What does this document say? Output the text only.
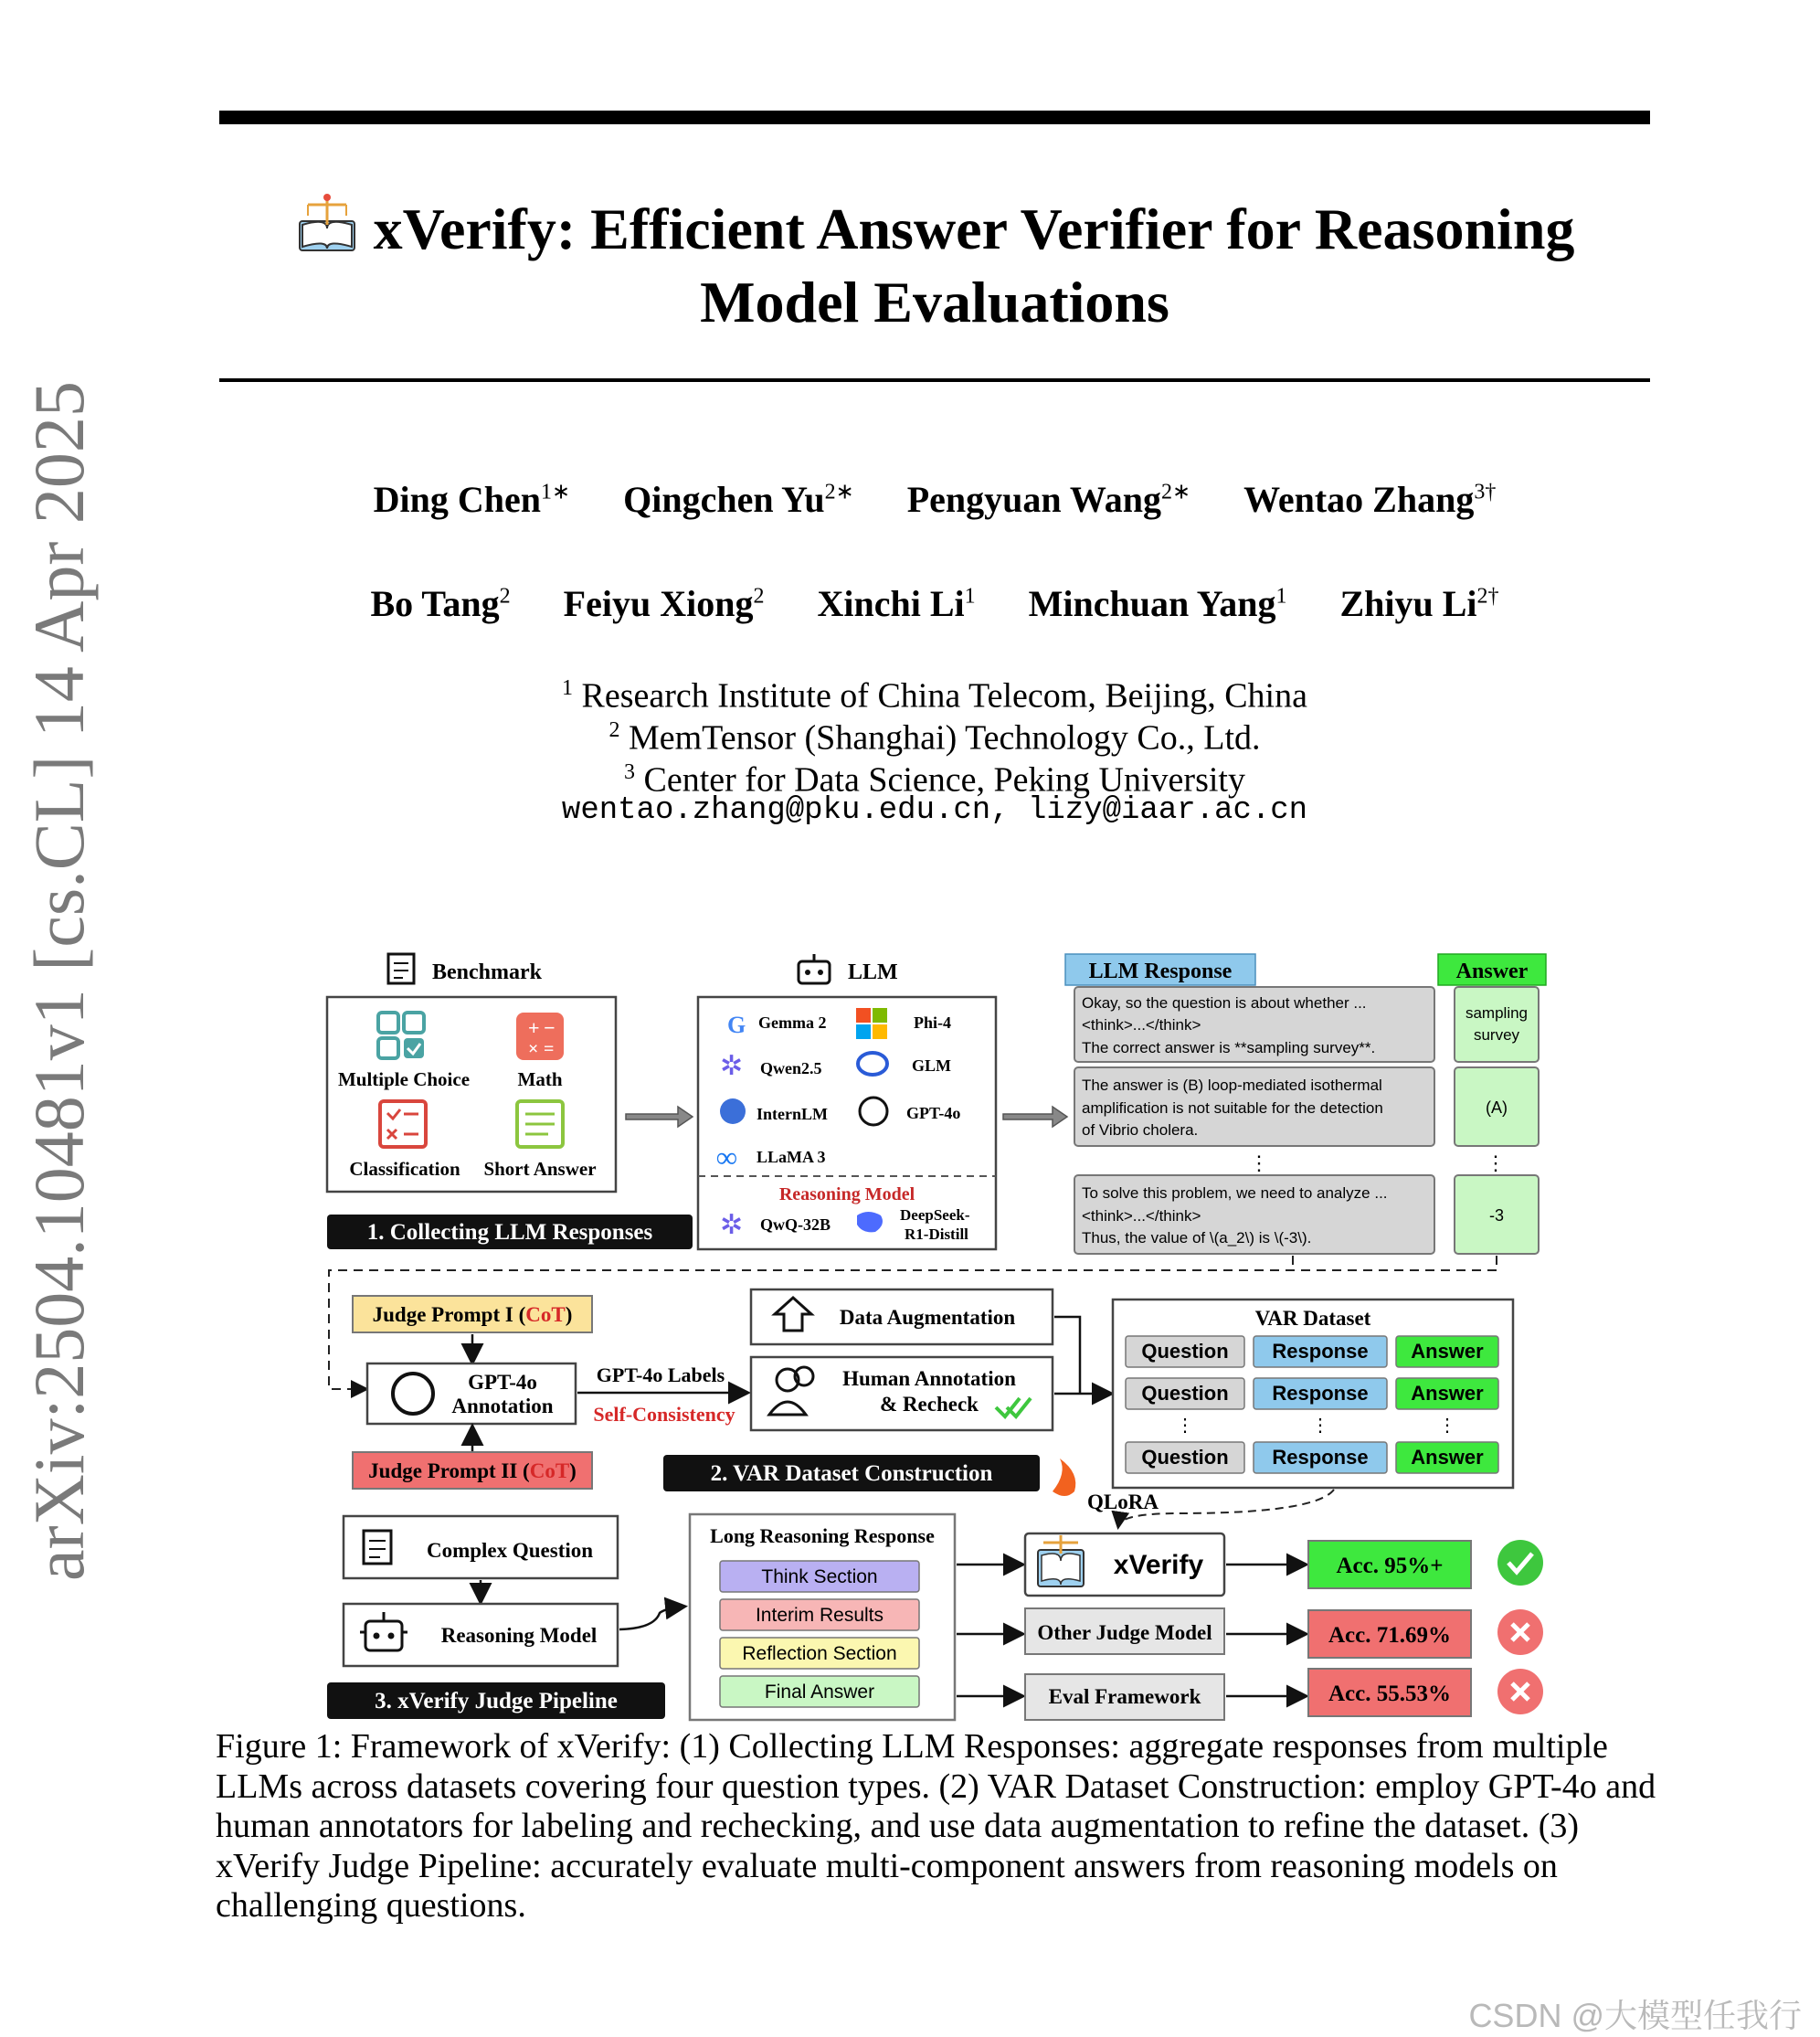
xVerify: Efficient Answer Verifier for Reasoning
Model Evaluations
Ding Chen$^{1∗}$ Qingchen $Yu^{2∗}$ Pengyuan Wang$^{2∗}$ Wentao Zhang$^{3\dagger}$
Bo Tang$^2$ Feiyu Xiong$^2$ Xinchi Li$^1$ Minchuan Yang$^1$ Zhiyu $Li^{2\dagger}$
$^1$ Research Institute of China Telecom, Beijing, China
$^2$ MemTensor (Shanghai) Technology Co., Ltd.
$^3$ Center for Data Science, Peking University
wentao.zhang@pku.edu.cn, lizy@iaar.ac.cn
arXiv:2504.10481v1 [cs.CL] 14 Apr 2025	Benchmark
+ −
× =
Multiple Choice Math
Classification Short Answer
1. Collecting LLM Responses
LLM
G Gemma 2	Phi-4
✲ Qwen2.5	GLM
InternLM	GPT-4o
∞ LLaMA 3
Reasoning Model
✲ QwQ-32B
DeepSeek-
R1-Distill
LLM Response	Answer
Okay, so the question is about whether ...
<think>...</think>
The correct answer is **sampling survey**.
sampling
survey
The answer is (B) loop-mediated isothermal
amplification is not suitable for the detection
of Vibrio cholera.
(A)
⋮	⋮
To solve this problem, we need to analyze ...
<think>...</think>
Thus, the value of \(a_2\) is \(-3\).
-3
Judge Prompt I (CoT)
GPT-4o
Annotation
Judge Prompt II (CoT)
GPT-4o Labels
Self-Consistency
Data Augmentation
Human Annotation
& Recheck
2. VAR Dataset Construction
VAR Dataset
Question Response Answer
Question Response Answer
⋮	⋮	⋮
Question Response Answer
QLoRA
Complex Question
Reasoning Model
3. xVerify Judge Pipeline
Long Reasoning Response
Think Section
Interim Results
Reflection Section
Final Answer
xVerify
Other Judge Model
Eval Framework
Acc. 95%+
Acc. 71.69%
Acc. 55.53%
Figure 1: Framework of xVerify: (1) Collecting LLM Responses: aggregate responses from multiple LLMs across datasets covering four question types. (2) VAR Dataset Construction: employ GPT-4o and human annotators for labeling and rechecking, and use data augmentation to refine the dataset. (3) xVerify Judge Pipeline: accurately evaluate multi-component answers from reasoning models on challenging questions.
CSDN @大模型任我行
